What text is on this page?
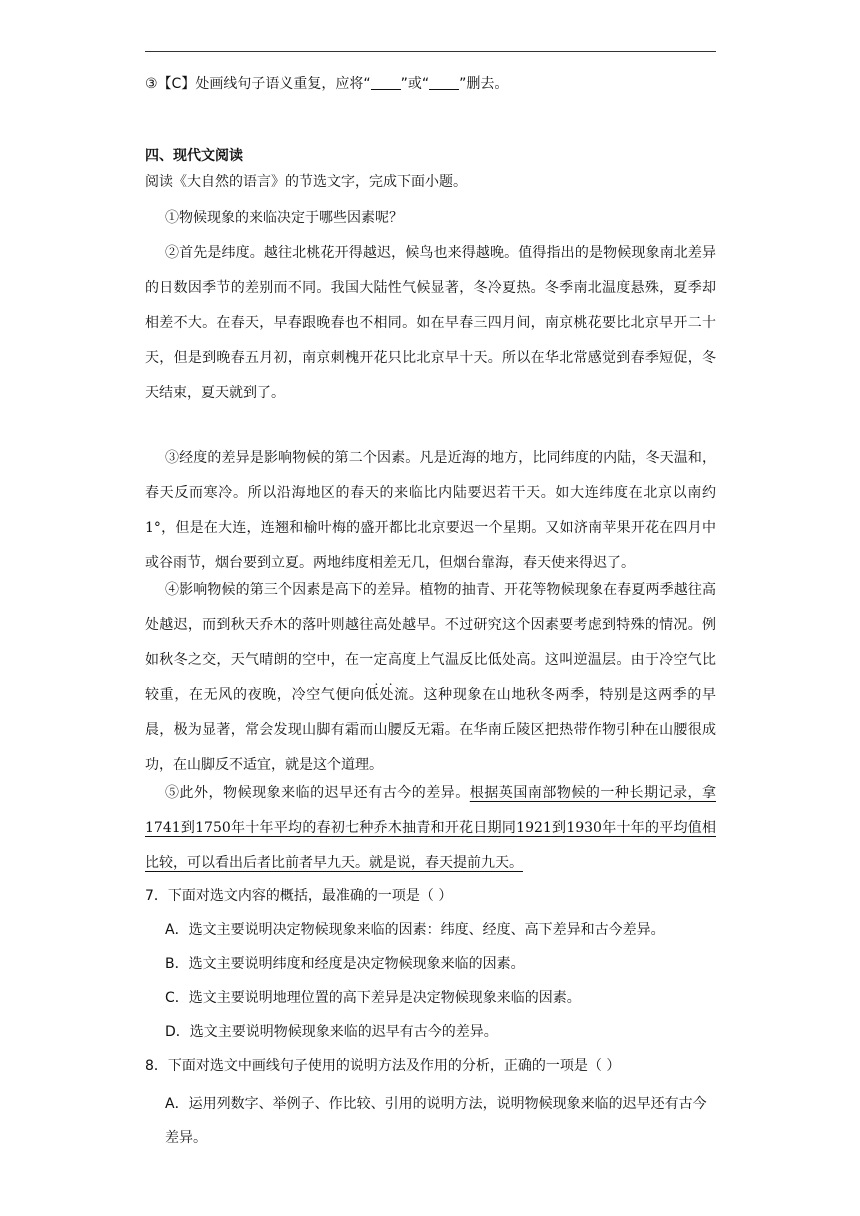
③【C】处画线句子语义重复，应将“ ”或“ ”删去。
四、现代文阅读
阅读《大自然的语言》的节选文字，完成下面小题。
①物候现象的来临决定于哪些因素呢？
②首先是纬度。越往北桃花开得越迟，候鸟也来得越晚。值得指出的是物候现象南北差异的日数因季节的差别而不同。我国大陆性气候显著，冬冷夏热。冬季南北温度悬殊，夏季却相差不大。在春天，早春跟晚春也不相同。如在早春三四月间，南京桃花要比北京早开二十天，但是到晚春五月初，南京刺槐开花只比北京早十天。所以在华北常感觉到春季短促，冬天结束，夏天就到了。
③经度的差异是影响物候的第二个因素。凡是近海的地方，比同纬度的内陆，冬天温和，春天反而寒冷。所以沿海地区的春天的来临比内陆要迟若干天。如大连纬度在北京以南约1°，但是在大连，连翘和榆叶梅的盛开都比北京要迟一个星期。又如济南苹果开花在四月中或谷雨节，烟台要到立夏。两地纬度相差无几，但烟台靠海，春天使来得迟了。
④影响物候的第三个因素是高下的差异。植物的抽青、开花等物候现象在春夏两季越往高处越迟，而到秋天乔木的落叶则越往高处越早。不过研究这个因素要考虑到特殊的情况。例如秋冬之交，天气晴朗的空中，在一定高度上气温反比低处高。这叫逆温层。由于冷空气比较重，在无风的夜晚，冷空气便向低处流。这种现象在山地秋冬两季，特别是这两季的早晨，极为显著，常会发现山脚有霜而山腰反无霜。在华南丘陵区把热带作物引种在山腰很成功，在山脚反不适宜，就是这个道理。
⑤此外，物候现象来临的迟早还有古今的差异。根据英国南部物候的一种长期记录，拿1741到1750年十年平均的春初七种乔木抽青和开花日期同1921到1930年十年的平均值相比较，可以看出后者比前者早九天。就是说，春天提前九天。
7．下面对选文内容的概括，最准确的一项是（ ）
A．选文主要说明决定物候现象来临的因素：纬度、经度、高下差异和古今差异。
B．选文主要说明纬度和经度是决定物候现象来临的因素。
C．选文主要说明地理位置的高下差异是决定物候现象来临的因素。
D．选文主要说明物候现象来临的迟早有古今的差异。
8．下面对选文中画线句子使用的说明方法及作用的分析，正确的一项是（ ）
A．运用列数字、举例子、作比较、引用的说明方法，说明物候现象来临的迟早还有古今差异。
